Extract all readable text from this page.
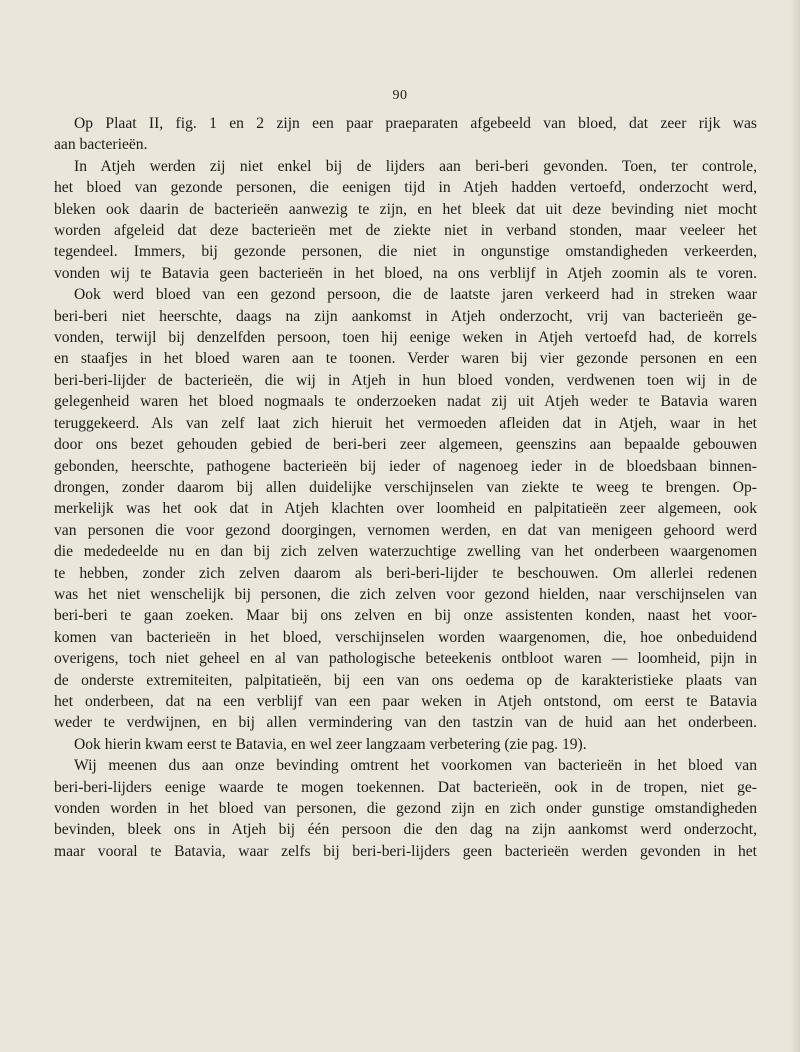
90

Op Plaat II, fig. 1 en 2 zijn een paar praeparaten afgebeeld van bloed, dat zeer rijk was

aan bacterieën.

In Atjeh werden zij niet enkel bij de lijders aan beri-beri gevonden. Toen, ter controle,

het bloed van gezonde personen, die eenigen tijd in Atjeh hadden vertoefd, onderzocht werd,

bleken ook daarin de bacterieën aanwezig te zijn, en het bleek dat uit deze bevinding niet mocht

worden afgeleid dat deze bacterieën met de ziekte niet in verband stonden, maar veeleer het

tegendeel. Immers, bij gezonde personen, die niet in ongunstige omstandigheden verkeerden,

vonden wij te Batavia geen bacterieën in het bloed, na ons verblijf in Atjeh zoomin als te voren.

Ook werd bloed van een gezond persoon, die de laatste jaren verkeerd had in streken waar

beri-beri niet heerschte, daags na zijn aankomst in Atjeh onderzocht, vrij van bacterieën ge-

vonden, terwijl bij denzelfden persoon, toen hij eenige weken in Atjeh vertoefd had, de korrels

en staafjes in het bloed waren aan te toonen. Verder waren bij vier gezonde personen en een

beri-beri-lijder de bacterieën, die wij in Atjeh in hun bloed vonden, verdwenen toen wij in de

gelegenheid waren het bloed nogmaals te onderzoeken nadat zij uit Atjeh weder te Batavia waren

teruggekeerd. Als van zelf laat zich hieruit het vermoeden afleiden dat in Atjeh, waar in het

door ons bezet gehouden gebied de beri-beri zeer algemeen, geenszins aan bepaalde gebouwen

gebonden, heerschte, pathogene bacterieën bij ieder of nagenoeg ieder in de bloedsbaan binnen-

drongen, zonder daarom bij allen duidelijke verschijnselen van ziekte te weeg te brengen. Op-

merkelijk was het ook dat in Atjeh klachten over loomheid en palpitatieën zeer algemeen, ook

van personen die voor gezond doorgingen, vernomen werden, en dat van menigeen gehoord werd

die mededeelde nu en dan bij zich zelven waterzuchtige zwelling van het onderbeen waargenomen

te hebben, zonder zich zelven daarom als beri-beri-lijder te beschouwen. Om allerlei redenen

was het niet wenschelijk bij personen, die zich zelven voor gezond hielden, naar verschijnselen van

beri-beri te gaan zoeken. Maar bij ons zelven en bij onze assistenten konden, naast het voor-

komen van bacterieën in het bloed, verschijnselen worden waargenomen, die, hoe onbeduidend

overigens, toch niet geheel en al van pathologische beteekenis ontbloot waren — loomheid, pijn in

de onderste extremiteiten, palpitatieën, bij een van ons oedema op de karakteristieke plaats van

het onderbeen, dat na een verblijf van een paar weken in Atjeh ontstond, om eerst te Batavia

weder te verdwijnen, en bij allen vermindering van den tastzin van de huid aan het onderbeen.

Ook hierin kwam eerst te Batavia, en wel zeer langzaam verbetering (zie pag. 19).

Wij meenen dus aan onze bevinding omtrent het voorkomen van bacterieën in het bloed van

beri-beri-lijders eenige waarde te mogen toekennen. Dat bacterieën, ook in de tropen, niet ge-

vonden worden in het bloed van personen, die gezond zijn en zich onder gunstige omstandigheden

bevinden, bleek ons in Atjeh bij één persoon die den dag na zijn aankomst werd onderzocht,

maar vooral te Batavia, waar zelfs bij beri-beri-lijders geen bacterieën werden gevonden in het
